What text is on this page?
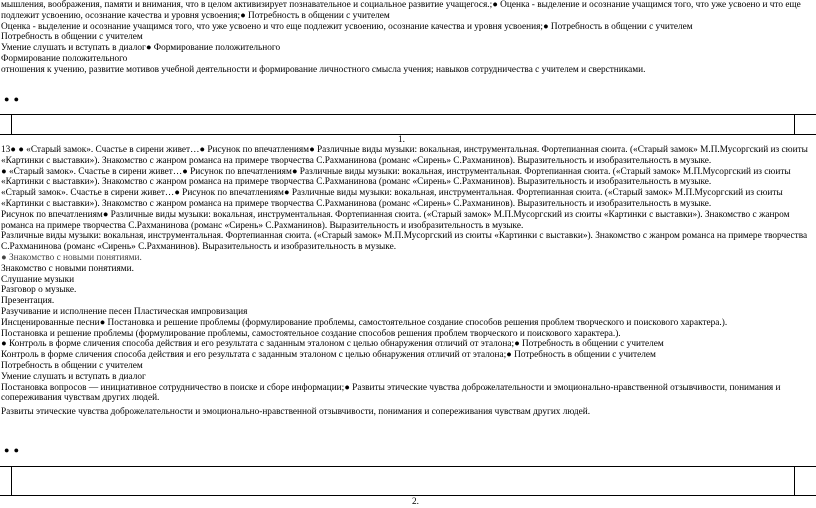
мышления, воображения, памяти и внимания, что в целом активизирует познавательное и социальное развитие учащегося.;● Оценка - выделение и осознание учащимся того, что уже усвоено и что еще подлежит усвоению, осознание качества и уровня усвоения;● Потребность в общении с учителем

Оценка - выделение и осознание учащимся того, что уже усвоено и что еще подлежит усвоению, осознание качества и уровня усвоения;● Потребность в общении с учителем

Потребность в общении с учителем

Умение слушать и вступать в диалог● Формирование положительного

Формирование положительного

отношения к учению, развитие мотивов учебной деятельности и формирование личностного смысла учения; навыков сотрудничества с учителем и сверстниками.

● ●
1.

13● ● «Старый замок». Счастье в сирени живет…● Рисунок по впечатлениям● Различные виды музыки: вокальная, инструментальная. Фортепианная сюита. («Старый замок» М.П.Мусоргский из сюиты «Картинки с выставки»). Знакомство с жанром романса на примере творчества С.Рахманинова (романс «Сирень» С.Рахманинов). Выразительность и изобразительность в музыке.

● «Старый замок». Счастье в сирени живет…● Рисунок по впечатлениям● Различные виды музыки: вокальная, инструментальная. Фортепианная сюита. («Старый замок» М.П.Мусоргский из сюиты «Картинки с выставки»). Знакомство с жанром романса на примере творчества С.Рахманинова (романс «Сирень» С.Рахманинов). Выразительность и изобразительность в музыке.

«Старый замок». Счастье в сирени живет…● Рисунок по впечатлениям● Различные виды музыки: вокальная, инструментальная. Фортепианная сюита. («Старый замок» М.П.Мусоргский из сюиты «Картинки с выставки»). Знакомство с жанром романса на примере творчества С.Рахманинова (романс «Сирень» С.Рахманинов). Выразительность и изобразительность в музыке.

Рисунок по впечатлениям● Различные виды музыки: вокальная, инструментальная. Фортепианная сюита. («Старый замок» М.П.Мусоргский из сюиты «Картинки с выставки»). Знакомство с жанром романса на примере творчества С.Рахманинова (романс «Сирень» С.Рахманинов). Выразительность и изобразительность в музыке.

Различные виды музыки: вокальная, инструментальная. Фортепианная сюита. («Старый замок» М.П.Мусоргский из сюиты «Картинки с выставки»). Знакомство с жанром романса на примере творчества С.Рахманинова (романс «Сирень» С.Рахманинов). Выразительность и изобразительность в музыке.

● Знакомство с новыми понятиями.

Знакомство с новыми понятиями.

Слушание музыки

Разговор о музыке.

Презентация.

Разучивание и исполнение песен Пластическая импровизация

Инсценированные песни● Постановка и решение проблемы (формулирование проблемы, самостоятельное создание способов решения проблем творческого и поискового характера.).

Постановка и решение проблемы (формулирование проблемы, самостоятельное создание способов решения проблем творческого и поискового характера.).

● Контроль в форме сличения способа действия и его результата с заданным эталоном с целью обнаружения отличий от эталона;● Потребность в общении с учителем

Контроль в форме сличения способа действия и его результата с заданным эталоном с целью обнаружения отличий от эталона;● Потребность в общении с учителем

Потребность в общении с учителем

Умение слушать и вступать в диалог

Постановка вопросов — инициативное сотрудничество в поиске и сборе информации;● Развиты этические чувства доброжелательности и эмоционально-нравственной отзывчивости, понимания и сопереживания чувствам других людей.

Развиты этические чувства доброжелательности и эмоционально-нравственной отзывчивости, понимания и сопереживания чувствам других людей.

● ●
2.
